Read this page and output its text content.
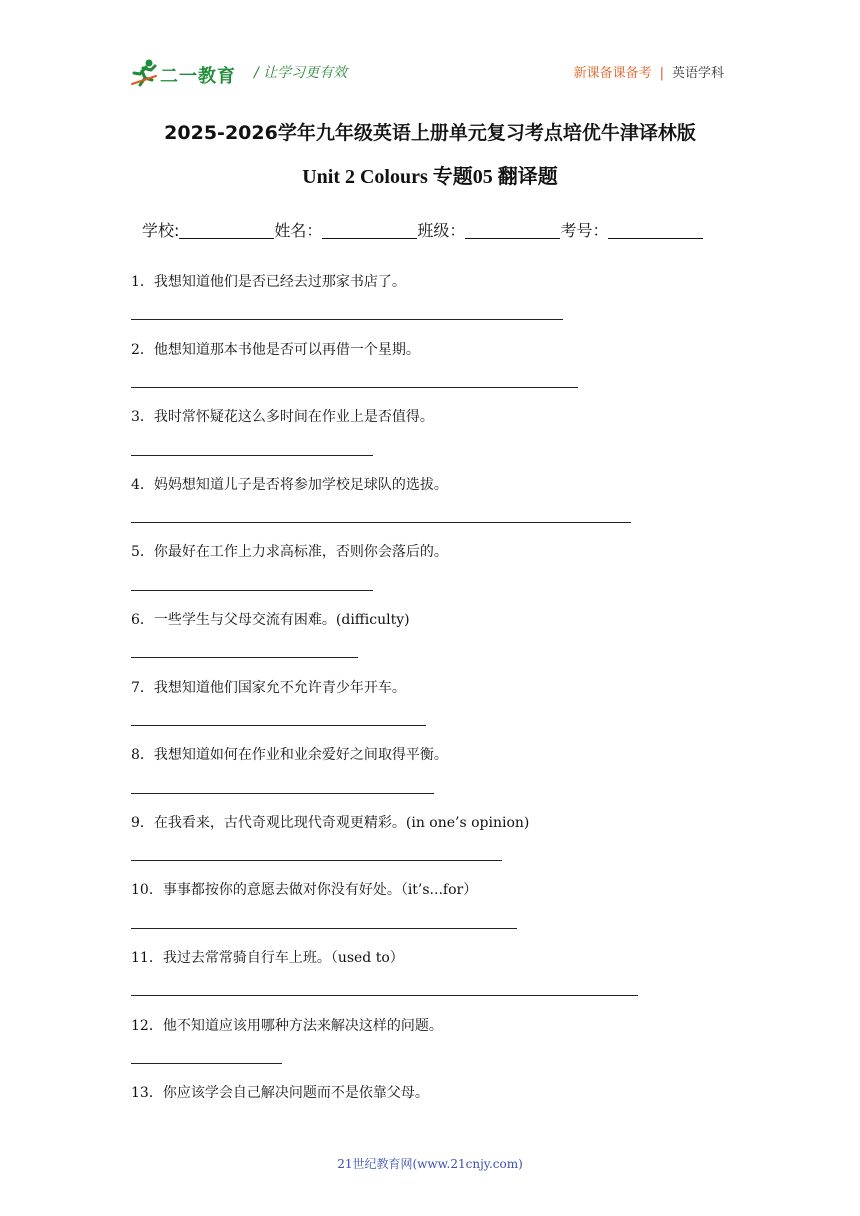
二一教育 / 让学习更有效	新课备课备考 | 英语学科
2025-2026学年九年级英语上册单元复习考点培优牛津译林版
Unit 2 Colours 专题05 翻译题
学校:	姓名：	班级：	考号：
1．我想知道他们是否已经去过那家书店了。
2．他想知道那本书他是否可以再借一个星期。
3．我时常怀疑花这么多时间在作业上是否值得。
4．妈妈想知道儿子是否将参加学校足球队的选拔。
5．你最好在工作上力求高标准，否则你会落后的。
6．一些学生与父母交流有困难。(difficulty)
7．我想知道他们国家允不允许青少年开车。
8．我想知道如何在作业和业余爱好之间取得平衡。
9．在我看来，古代奇观比现代奇观更精彩。(in one’s opinion)
10．事事都按你的意愿去做对你没有好处。（it’s...for）
11．我过去常常骑自行车上班。（used to）
12．他不知道应该用哪种方法来解决这样的问题。
13．你应该学会自己解决问题而不是依靠父母。
21世纪教育网(www.21cnjy.com)
